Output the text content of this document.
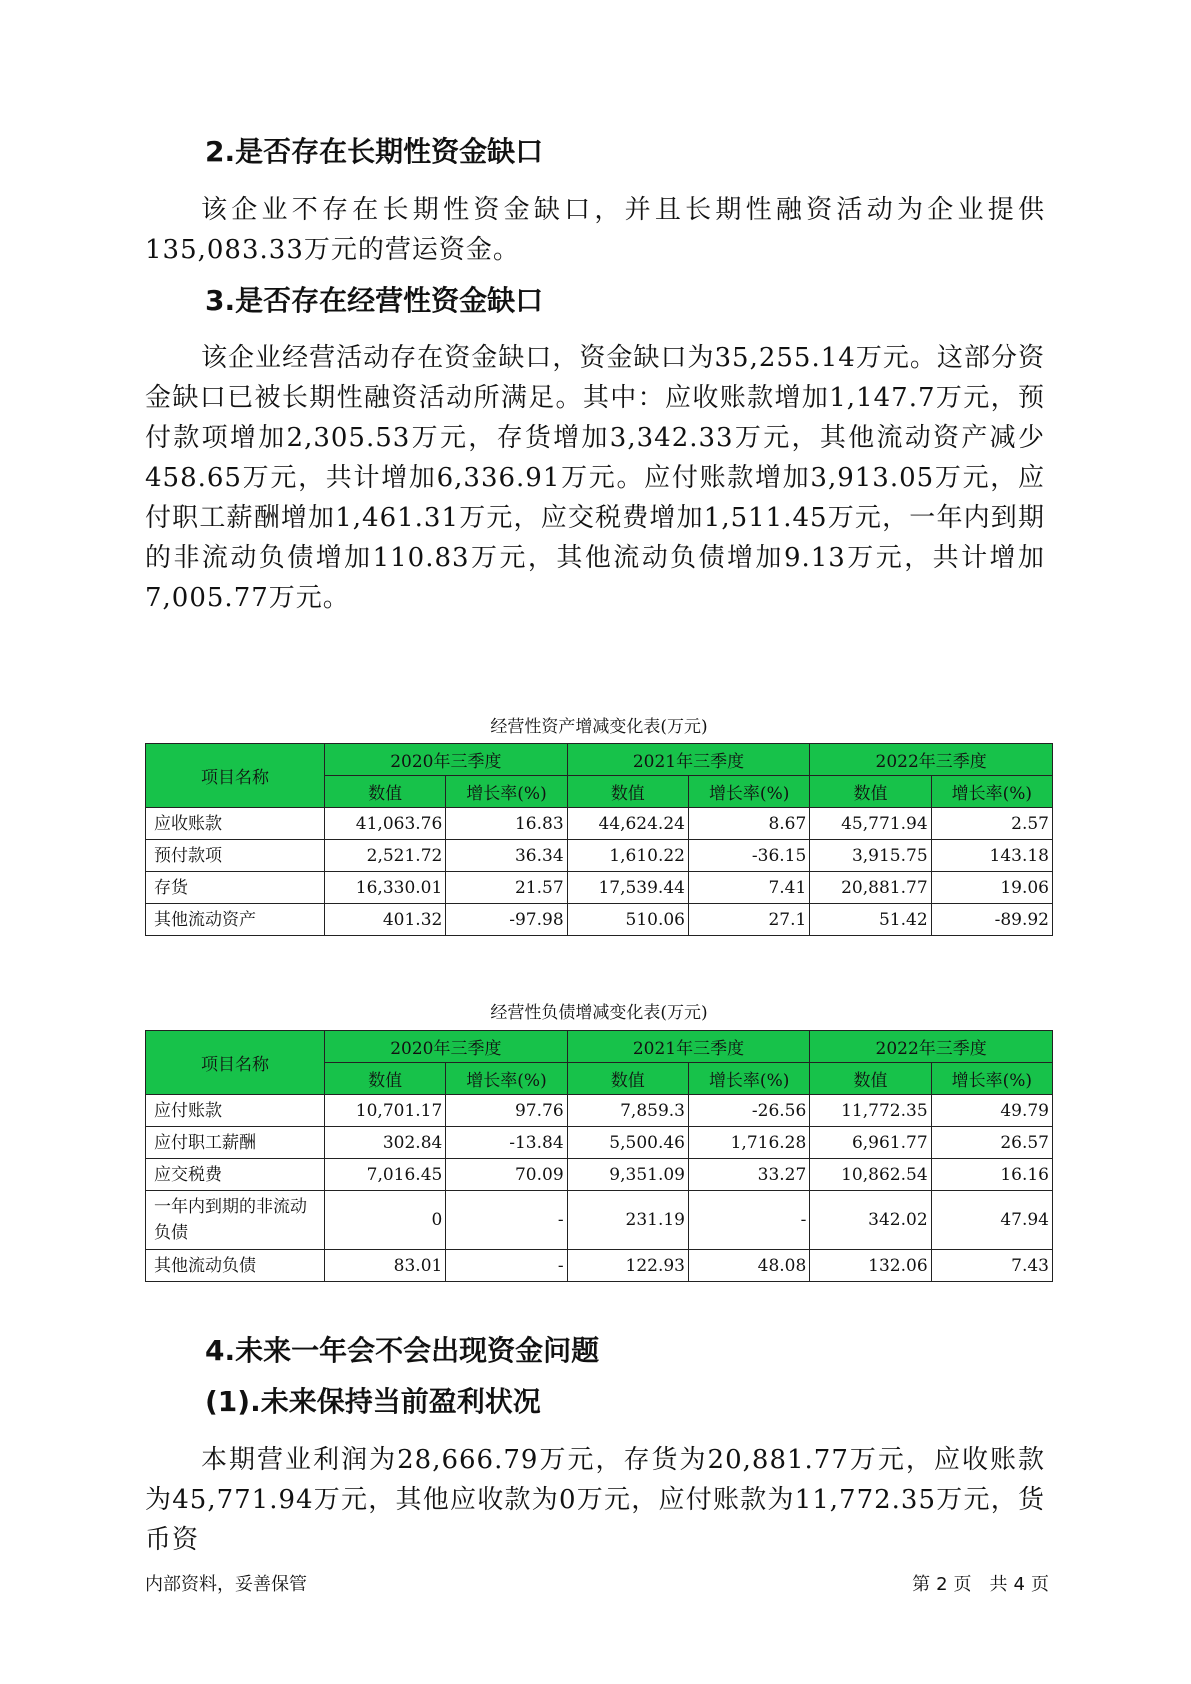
2.是否存在长期性资金缺口

该企业不存在长期性资金缺口，并且长期性融资活动为企业提供135,083.33万元的营运资金。

3.是否存在经营性资金缺口

该企业经营活动存在资金缺口，资金缺口为35,255.14万元。这部分资金缺口已被长期性融资活动所满足。其中：应收账款增加1,147.7万元，预付款项增加2,305.53万元，存货增加3,342.33万元，其他流动资产减少458.65万元，共计增加6,336.91万元。应付账款增加3,913.05万元，应付职工薪酬增加1,461.31万元，应交税费增加1,511.45万元，一年内到期的非流动负债增加110.83万元，其他流动负债增加9.13万元，共计增加7,005.77万元。

经营性资产增减变化表(万元)
项目名称	2020年三季度		2021年三季度		2022年三季度	
	数值	增长率(%)	数值	增长率(%)	数值	增长率(%)
应收账款	41,063.76	16.83	44,624.24	8.67	45,771.94	2.57
预付款项	2,521.72	36.34	1,610.22	-36.15	3,915.75	143.18
存货	16,330.01	21.57	17,539.44	7.41	20,881.77	19.06
其他流动资产	401.32	-97.98	510.06	27.1	51.42	-89.92
经营性负债增减变化表(万元)
项目名称	2020年三季度		2021年三季度		2022年三季度	
	数值	增长率(%)	数值	增长率(%)	数值	增长率(%)
应付账款	10,701.17	97.76	7,859.3	-26.56	11,772.35	49.79
应付职工薪酬	302.84	-13.84	5,500.46	1,716.28	6,961.77	26.57
应交税费	7,016.45	70.09	9,351.09	33.27	10,862.54	16.16
一年内到期的非流动负债	0	-	231.19	-	342.02	47.94
其他流动负债	83.01	-	122.93	48.08	132.06	7.43
4.未来一年会不会出现资金问题
(1).未来保持当前盈利状况

本期营业利润为28,666.79万元，存货为20,881.77万元，应收账款为45,771.94万元，其他应收款为0万元，应付账款为11,772.35万元，货币资

内部资料，妥善保管	第 2 页　共 4 页
